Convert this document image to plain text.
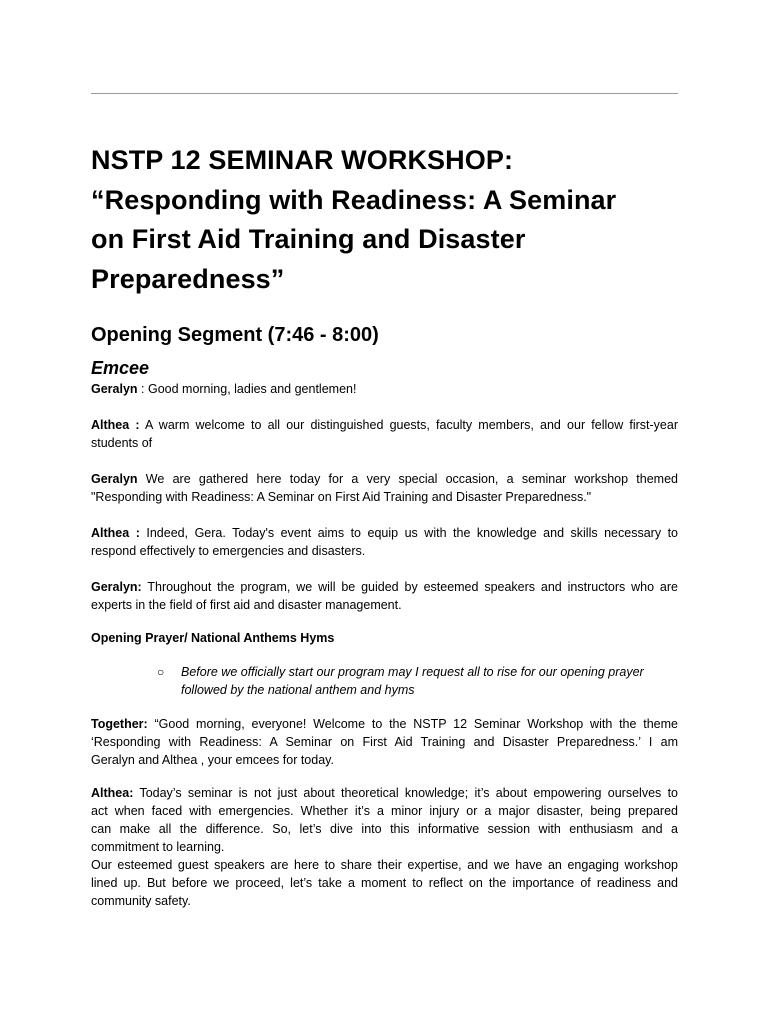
NSTP 12 SEMINAR WORKSHOP:
“Responding with Readiness: A Seminar
on First Aid Training and Disaster
Preparedness”
Opening Segment (7:46 - 8:00)
Emcee

Geralyn : Good morning, ladies and gentlemen!

Althea : A warm welcome to all our distinguished guests, faculty members, and our fellow first-year
students of

Geralyn We are gathered here today for a very special occasion, a seminar workshop themed
"Responding with Readiness: A Seminar on First Aid Training and Disaster Preparedness."

Althea : Indeed, Gera. Today's event aims to equip us with the knowledge and skills necessary to
respond effectively to emergencies and disasters.

Geralyn: Throughout the program, we will be guided by esteemed speakers and instructors who are
experts in the field of first aid and disaster management.

Opening Prayer/ National Anthems Hyms

○ Before we officially start our program may I request all to rise for our opening prayer
followed by the national anthem and hyms

Together: “Good morning, everyone! Welcome to the NSTP 12 Seminar Workshop with the theme
‘Responding with Readiness: A Seminar on First Aid Training and Disaster Preparedness.’ I am
Geralyn and Althea , your emcees for today.

Althea: Today’s seminar is not just about theoretical knowledge; it’s about empowering ourselves to
act when faced with emergencies. Whether it’s a minor injury or a major disaster, being prepared
can make all the difference. So, let’s dive into this informative session with enthusiasm and a
commitment to learning.
Our esteemed guest speakers are here to share their expertise, and we have an engaging workshop
lined up. But before we proceed, let’s take a moment to reflect on the importance of readiness and
community safety.
